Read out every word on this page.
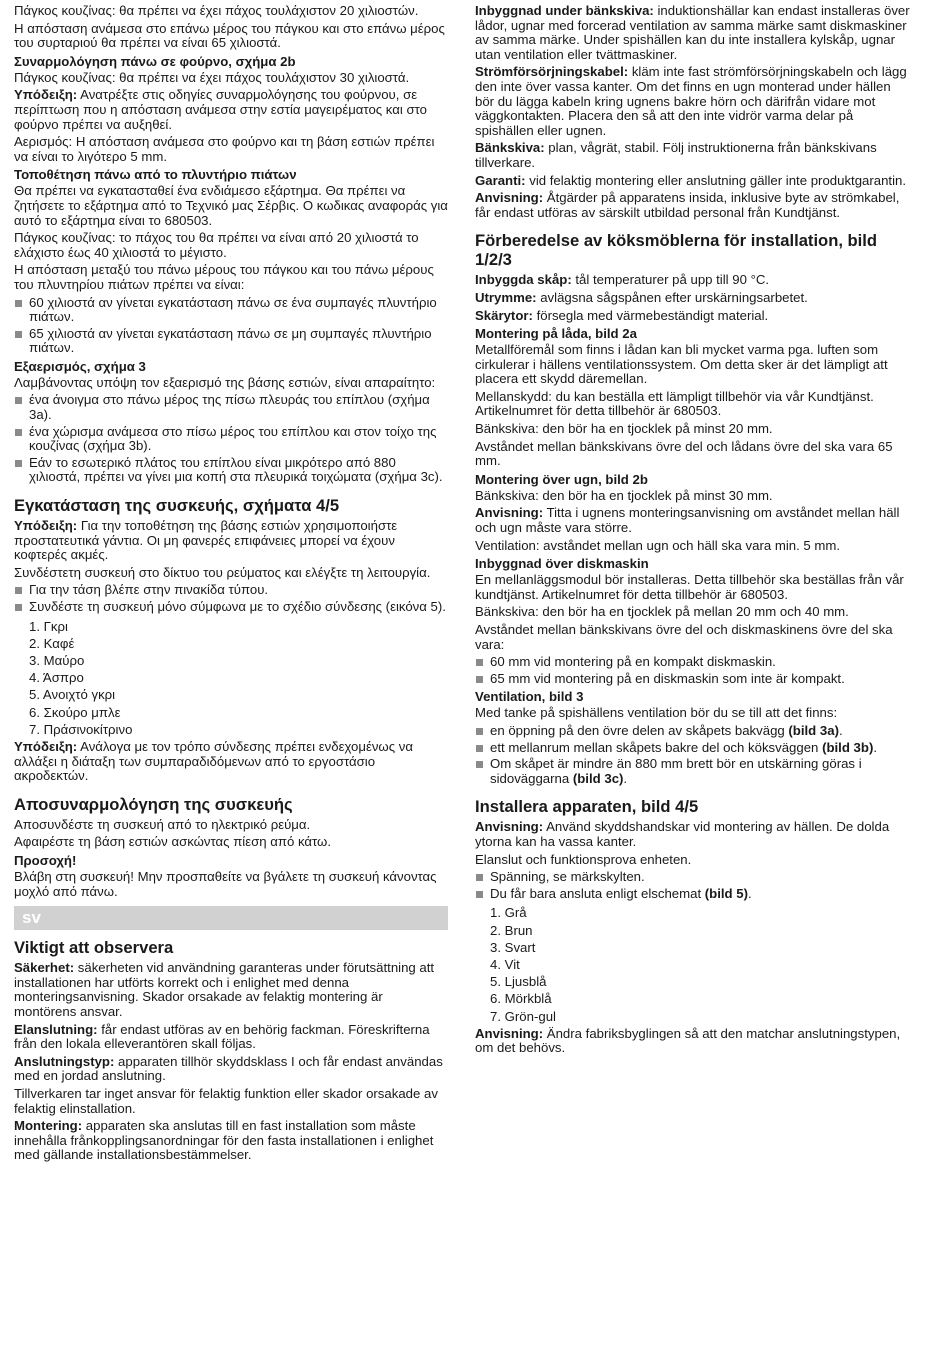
Πάγκος κουζίνας: θα πρέπει να έχει πάχος τουλάχιστον 20 χιλιοστών.

Η απόσταση ανάμεσα στο επάνω μέρος του πάγκου και στο επάνω μέρος του συρταριού θα πρέπει να είναι 65 χιλιοστά.

Συναρμολόγηση πάνω σε φούρνο, σχήμα 2b

Πάγκος κουζίνας: θα πρέπει να έχει πάχος τουλάχιστον 30 χιλιοστά.

Υπόδειξη: Ανατρέξτε στις οδηγίες συναρμολόγησης του φούρνου, σε περίπτωση που η απόσταση ανάμεσα στην εστία μαγειρέματος και στο φούρνο πρέπει να αυξηθεί.

Αερισμός: Η απόσταση ανάμεσα στο φούρνο και τη βάση εστιών πρέπει να είναι το λιγότερο 5 mm.

Τοποθέτηση πάνω από το πλυντήριο πιάτων

Θα πρέπει να εγκατασταθεί ένα ενδιάμεσο εξάρτημα. Θα πρέπει να ζητήσετε το εξάρτημα από το Τεχνικό μας Σέρβις. Ο κωδικας αναφοράς για αυτό το εξάρτημα είναι το 680503.

Πάγκος κουζίνας: το πάχος του θα πρέπει να είναι από 20 χιλιοστά το ελάχιστο έως 40 χιλιοστά το μέγιστο.

Η απόσταση μεταξύ του πάνω μέρους του πάγκου και του πάνω μέρους του πλυντηρίου πιάτων πρέπει να είναι:

60 χιλιοστά αν γίνεται εγκατάσταση πάνω σε ένα συμπαγές πλυντήριο πιάτων.
65 χιλιοστά αν γίνεται εγκατάσταση πάνω σε μη συμπαγές πλυντήριο πιάτων.
Εξαερισμός, σχήμα 3

Λαμβάνοντας υπόψη τον εξαερισμό της βάσης εστιών, είναι απαραίτητο:

ένα άνοιγμα στο πάνω μέρος της πίσω πλευράς του επίπλου (σχήμα 3a).
ένα χώρισμα ανάμεσα στο πίσω μέρος του επίπλου και στον τοίχο της κουζίνας (σχήμα 3b).
Εάν το εσωτερικό πλάτος του επίπλου είναι μικρότερο από 880 χιλιοστά, πρέπει να γίνει μια κοπή στα πλευρικά τοιχώματα (σχήμα 3c).
Εγκατάσταση της συσκευής, σχήματα 4/5

Υπόδειξη: Για την τοποθέτηση της βάσης εστιών χρησιμοποιήστε προστατευτικά γάντια. Οι μη φανερές επιφάνειες μπορεί να έχουν κοφτερές ακμές.

Συνδέστετη συσκευή στο δίκτυο του ρεύματος και ελέγξτε τη λειτουργία.

Για την τάση βλέπε στην πινακίδα τύπου.
Συνδέστε τη συσκευή μόνο σύμφωνα με το σχέδιο σύνδεσης (εικόνα 5).
1. Γκρι
2. Καφέ
3. Μαύρο
4. Άσπρο
5. Ανοιχτό γκρι
6. Σκούρο μπλε
7. Πράσινοκίτρινο

Υπόδειξη: Ανάλογα με τον τρόπο σύνδεσης πρέπει ενδεχομένως να αλλάξει η διάταξη των συμπαραδιδόμενων από το εργοστάσιο ακροδεκτών.

Αποσυναρμολόγηση της συσκευής

Αποσυνδέστε τη συσκευή από το ηλεκτρικό ρεύμα.

Αφαιρέστε τη βάση εστιών ασκώντας πίεση από κάτω.

Προσοχή!

Βλάβη στη συσκευή! Μην προσπαθείτε να βγάλετε τη συσκευή κάνοντας μοχλό από πάνω.

sv
Viktigt att observera

Säkerhet: säkerheten vid användning garanteras under förutsättning att installationen har utförts korrekt och i enlighet med denna monteringsanvisning. Skador orsakade av felaktig montering är montörens ansvar.

Elanslutning: får endast utföras av en behörig fackman. Föreskrifterna från den lokala elleverantören skall följas.

Anslutningstyp: apparaten tillhör skyddsklass I och får endast användas med en jordad anslutning.

Tillverkaren tar inget ansvar för felaktig funktion eller skador orsakade av felaktig elinstallation.

Montering: apparaten ska anslutas till en fast installation som måste innehålla frånkopplingsanordningar för den fasta installationen i enlighet med gällande installationsbestämmelser.

Inbyggnad under bänkskiva: induktionshällar kan endast installeras över lådor, ugnar med forcerad ventilation av samma märke samt diskmaskiner av samma märke. Under spishällen kan du inte installera kylskåp, ugnar utan ventilation eller tvättmaskiner.

Strömförsörjningskabel: kläm inte fast strömförsörjningskabeln och lägg den inte över vassa kanter. Om det finns en ugn monterad under hällen bör du lägga kabeln kring ugnens bakre hörn och därifrån vidare mot väggkontakten. Placera den så att den inte vidrör varma delar på spishällen eller ugnen.

Bänkskiva: plan, vågrät, stabil. Följ instruktionerna från bänkskivans tillverkare.

Garanti: vid felaktig montering eller anslutning gäller inte produktgarantin.

Anvisning: Åtgärder på apparatens insida, inklusive byte av strömkabel, får endast utföras av särskilt utbildad personal från Kundtjänst.

Förberedelse av köksmöblerna för installation, bild 1/2/3

Inbyggda skåp: tål temperaturer på upp till 90 °C.

Utrymme: avlägsna sågspånen efter urskärningsarbetet.

Skärytor: försegla med värmebeständigt material.

Montering på låda, bild 2a

Metallföremål som finns i lådan kan bli mycket varma pga. luften som cirkulerar i hällens ventilationssystem. Om detta sker är det lämpligt att placera ett skydd däremellan.

Mellanskydd: du kan beställa ett lämpligt tillbehör via vår Kundtjänst. Artikelnumret för detta tillbehör är 680503.

Bänkskiva: den bör ha en tjocklek på minst 20 mm.

Avståndet mellan bänkskivans övre del och lådans övre del ska vara 65 mm.

Montering över ugn, bild 2b

Bänkskiva: den bör ha en tjocklek på minst 30 mm.

Anvisning: Titta i ugnens monteringsanvisning om avståndet mellan häll och ugn måste vara större.

Ventilation: avståndet mellan ugn och häll ska vara min. 5 mm.

Inbyggnad över diskmaskin

En mellanläggsmodul bör installeras. Detta tillbehör ska beställas från vår kundtjänst. Artikelnumret för detta tillbehör är 680503.

Bänkskiva: den bör ha en tjocklek på mellan 20 mm och 40 mm.

Avståndet mellan bänkskivans övre del och diskmaskinens övre del ska vara:

60 mm vid montering på en kompakt diskmaskin.
65 mm vid montering på en diskmaskin som inte är kompakt.
Ventilation, bild 3

Med tanke på spishällens ventilation bör du se till att det finns:

en öppning på den övre delen av skåpets bakvägg (bild 3a).
ett mellanrum mellan skåpets bakre del och köksväggen (bild 3b).
Om skåpet är mindre än 880 mm brett bör en utskärning göras i sidoväggarna (bild 3c).
Installera apparaten, bild 4/5

Anvisning: Använd skyddshandskar vid montering av hällen. De dolda ytorna kan ha vassa kanter.

Elanslut och funktionsprova enheten.

Spänning, se märkskylten.
Du får bara ansluta enligt elschemat (bild 5).
1. Grå
2. Brun
3. Svart
4. Vit
5. Ljusblå
6. Mörkblå
7. Grön-gul

Anvisning: Ändra fabriksbyglingen så att den matchar anslutningstypen, om det behövs.
